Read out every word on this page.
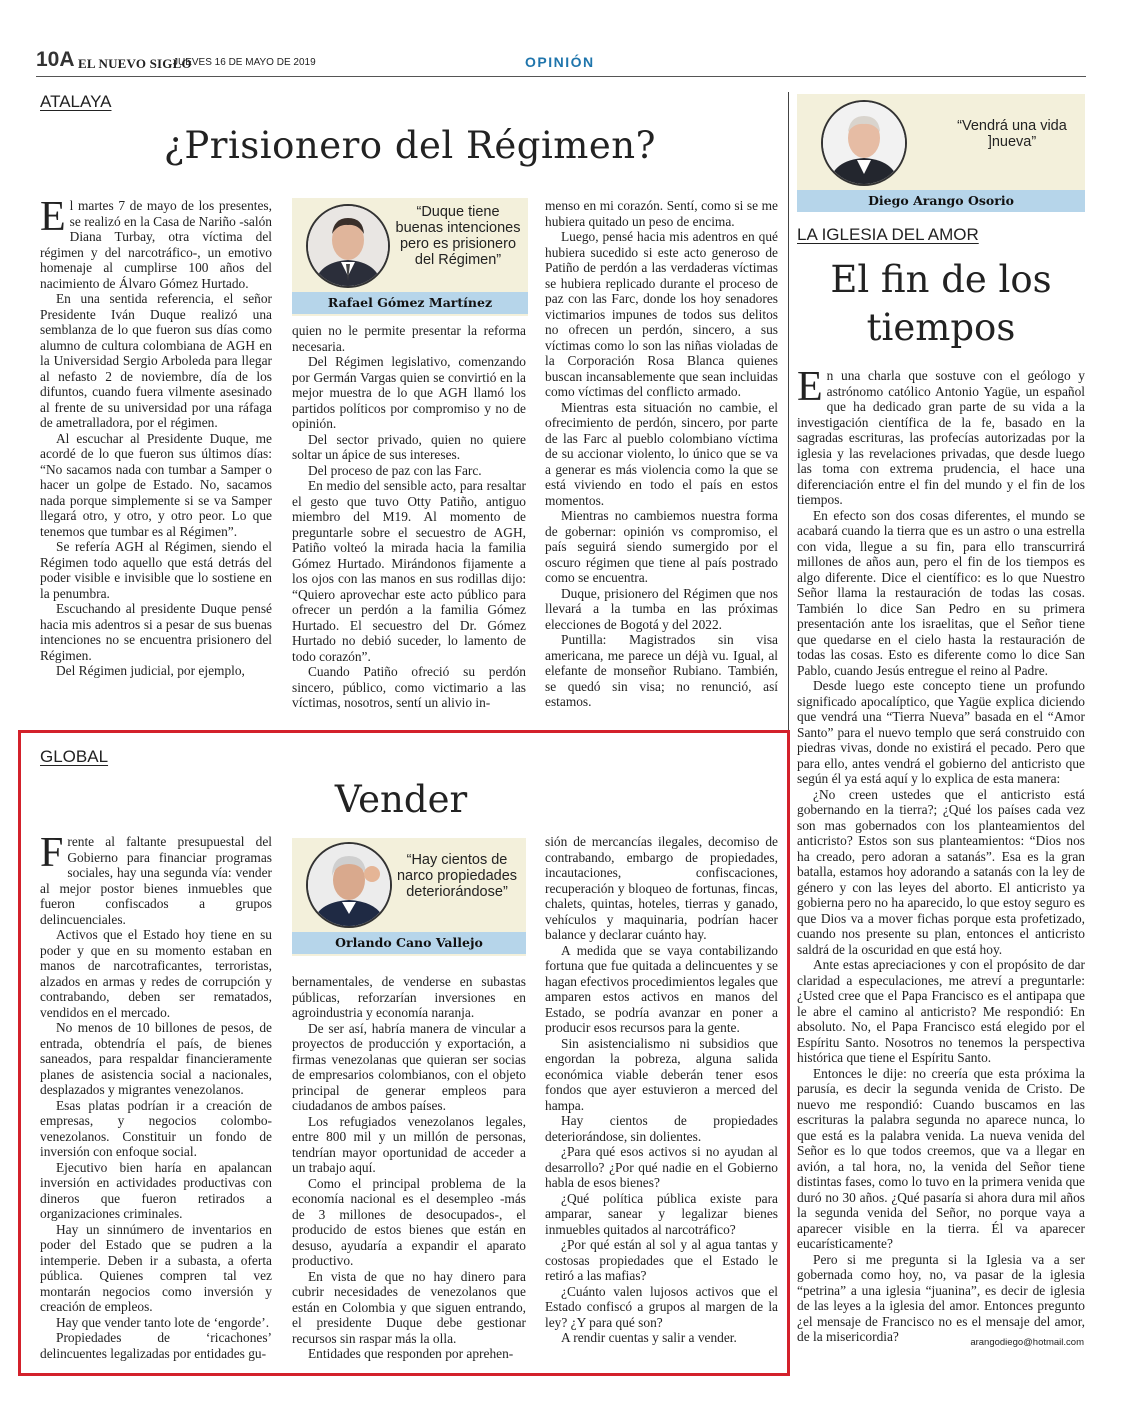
10A EL NUEVO SIGLO
JUEVES 16 DE MAYO DE 2019	OPINIÓN
ATALAYA
¿Prisionero del Régimen?

El martes 7 de mayo de los presentes, se realizó en la Casa de Nariño -salón Diana Turbay, otra víctima del régimen y del narcotráfico-, un emotivo homenaje al cumplirse 100 años del nacimiento de Álvaro Gómez Hurtado.

En una sentida referencia, el señor Presidente Iván Duque realizó una semblanza de lo que fueron sus días como alumno de cultura colombiana de AGH en la Universidad Sergio Arboleda para llegar al nefasto 2 de noviembre, día de los difuntos, cuando fuera vilmente asesinado al frente de su universidad por una ráfaga de ametralladora, por el régimen.

Al escuchar al Presidente Duque, me acordé de lo que fueron sus últimos días: “No sacamos nada con tumbar a Samper o hacer un golpe de Estado. No, sacamos nada porque simplemente si se va Samper llegará otro, y otro, y otro peor. Lo que tenemos que tumbar es al Régimen”.

Se refería AGH al Régimen, siendo el Régimen todo aquello que está detrás del poder visible e invisible que lo sostiene en la penumbra.

Escuchando al presidente Duque pensé hacia mis adentros si a pesar de sus buenas intenciones no se encuentra prisionero del Régimen.

Del Régimen judicial, por ejemplo,

“Duque tiene buenas intenciones pero es prisionero del Régimen”
Rafael Gómez Martínez

quien no le permite presentar la reforma necesaria.

Del Régimen legislativo, comenzando por Germán Vargas quien se convirtió en la mejor muestra de lo que AGH llamó los partidos políticos por compromiso y no de opinión.

Del sector privado, quien no quiere soltar un ápice de sus intereses.

Del proceso de paz con las Farc.

En medio del sensible acto, para resaltar el gesto que tuvo Otty Patiño, antiguo miembro del M19. Al momento de preguntarle sobre el secuestro de AGH, Patiño volteó la mirada hacia la familia Gómez Hurtado. Mirándonos fijamente a los ojos con las manos en sus rodillas dijo: “Quiero aprovechar este acto público para ofrecer un perdón a la familia Gómez Hurtado. El secuestro del Dr. Gómez Hurtado no debió suceder, lo lamento de todo corazón”.

Cuando Patiño ofreció su perdón sincero, público, como victimario a las víctimas, nosotros, sentí un alivio in-

menso en mi corazón. Sentí, como si se me hubiera quitado un peso de encima.

Luego, pensé hacia mis adentros en qué hubiera sucedido si este acto generoso de Patiño de perdón a las verdaderas víctimas se hubiera replicado durante el proceso de paz con las Farc, donde los hoy senadores victimarios impunes de todos sus delitos no ofrecen un perdón, sincero, a sus víctimas como lo son las niñas violadas de la Corporación Rosa Blanca quienes buscan incansablemente que sean incluidas como víctimas del conflicto armado.

Mientras esta situación no cambie, el ofrecimiento de perdón, sincero, por parte de las Farc al pueblo colombiano víctima de su accionar violento, lo único que se va a generar es más violencia como la que se está viviendo en todo el país en estos momentos.

Mientras no cambiemos nuestra forma de gobernar: opinión vs compromiso, el país seguirá siendo sumergido por el oscuro régimen que tiene al país postrado como se encuentra.

Duque, prisionero del Régimen que nos llevará a la tumba en las próximas elecciones de Bogotá y del 2022.

Puntilla: Magistrados sin visa americana, me parece un déjà vu. Igual, al elefante de monseñor Rubiano. También, se quedó sin visa; no renunció, así estamos.

“Vendrá una vida ]nueva”
Diego Arango Osorio
LA IGLESIA DEL AMOR
El fin de los
tiempos

En una charla que sostuve con el geólogo y astrónomo católico Antonio Yagüe, un español que ha dedicado gran parte de su vida a la investigación científica de la fe, basado en la sagradas escrituras, las profecías autorizadas por la iglesia y las revelaciones privadas, que desde luego las toma con extrema prudencia, el hace una diferenciación entre el fin del mundo y el fin de los tiempos.

En efecto son dos cosas diferentes, el mundo se acabará cuando la tierra que es un astro o una estrella con vida, llegue a su fin, para ello transcurrirá millones de años aun, pero el fin de los tiempos es algo diferente. Dice el científico: es lo que Nuestro Señor llama la restauración de todas las cosas. También lo dice San Pedro en su primera presentación ante los israelitas, que el Señor tiene que quedarse en el cielo hasta la restauración de todas las cosas. Esto es diferente como lo dice San Pablo, cuando Jesús entregue el reino al Padre.

Desde luego este concepto tiene un profundo significado apocalíptico, que Yagüe explica diciendo que vendrá una “Tierra Nueva” basada en el “Amor Santo” para el nuevo templo que será construido con piedras vivas, donde no existirá el pecado. Pero que para ello, antes vendrá el gobierno del anticristo que según él ya está aquí y lo explica de esta manera:

¿No creen ustedes que el anticristo está gobernando en la tierra?; ¿Qué los países cada vez son mas gobernados con los planteamientos del anticristo? Estos son sus planteamientos: “Dios nos ha creado, pero adoran a satanás”. Esa es la gran batalla, estamos hoy adorando a satanás con la ley de género y con las leyes del aborto. El anticristo ya gobierna pero no ha aparecido, lo que estoy seguro es que Dios va a mover fichas porque esta profetizado, cuando nos presente su plan, entonces el anticristo saldrá de la oscuridad en que está hoy.

Ante estas apreciaciones y con el propósito de dar claridad a especulaciones, me atreví a preguntarle: ¿Usted cree que el Papa Francisco es el antipapa que le abre el camino al anticristo? Me respondió: En absoluto. No, el Papa Francisco está elegido por el Espíritu Santo. Nosotros no tenemos la perspectiva histórica que tiene el Espíritu Santo.

Entonces le dije: no creería que esta próxima la parusía, es decir la segunda venida de Cristo. De nuevo me respondió: Cuando buscamos en las escrituras la palabra segunda no aparece nunca, lo que está es la palabra venida. La nueva venida del Señor es lo que todos creemos, que va a llegar en avión, a tal hora, no, la venida del Señor tiene distintas fases, como lo tuvo en la primera venida que duró no 30 años. ¿Qué pasaría si ahora dura mil años la segunda venida del Señor, no porque vaya a aparecer visible en la tierra. Él va aparecer eucarísticamente?

Pero si me pregunta si la Iglesia va a ser gobernada como hoy, no, va pasar de la iglesia “petrina” a una iglesia “juanina”, es decir de iglesia de las leyes a la iglesia del amor. Entonces pregunto ¿el mensaje de Francisco no es el mensaje del amor, de la misericordia?	arangodiego@hotmail.com
GLOBAL
Vender

Frente al faltante presupuestal del Gobierno para financiar programas sociales, hay una segunda vía: vender al mejor postor bienes inmuebles que fueron confiscados a grupos delincuenciales.

Activos que el Estado hoy tiene en su poder y que en su momento estaban en manos de narcotraficantes, terroristas, alzados en armas y redes de corrupción y contrabando, deben ser rematados, vendidos en el mercado.

No menos de 10 billones de pesos, de entrada, obtendría el país, de bienes saneados, para respaldar financieramente planes de asistencia social a nacionales, desplazados y migrantes venezolanos.

Esas platas podrían ir a creación de empresas, y negocios colombo-venezolanos. Constituir un fondo de inversión con enfoque social.

Ejecutivo bien haría en apalancan inversión en actividades productivas con dineros que fueron retirados a organizaciones criminales.

Hay un sinnúmero de inventarios en poder del Estado que se pudren a la intemperie. Deben ir a subasta, a oferta pública. Quienes compren tal vez montarán negocios como inversión y creación de empleos.

Hay que vender tanto lote de ‘engorde’.

Propiedades de ‘ricachones’ delincuentes legalizadas por entidades gu-

“Hay cientos de narco propiedades deteriorándose”
Orlando Cano Vallejo

bernamentales, de venderse en subastas públicas, reforzarían inversiones en agroindustria y economía naranja.

De ser así, habría manera de vincular a proyectos de producción y exportación, a firmas venezolanas que quieran ser socias de empresarios colombianos, con el objeto principal de generar empleos para ciudadanos de ambos países.

Los refugiados venezolanos legales, entre 800 mil y un millón de personas, tendrían mayor oportunidad de acceder a un trabajo aquí.

Como el principal problema de la economía nacional es el desempleo -más de 3 millones de desocupados-, el producido de estos bienes que están en desuso, ayudaría a expandir el aparato productivo.

En vista de que no hay dinero para cubrir necesidades de venezolanos que están en Colombia y que siguen entrando, el presidente Duque debe gestionar recursos sin raspar más la olla.

Entidades que responden por aprehen-

sión de mercancías ilegales, decomiso de contrabando, embargo de propiedades, incautaciones, confiscaciones, recuperación y bloqueo de fortunas, fincas, chalets, quintas, hoteles, tierras y ganado, vehículos y maquinaria, podrían hacer balance y declarar cuánto hay.

A medida que se vaya contabilizando fortuna que fue quitada a delincuentes y se hagan efectivos procedimientos legales que amparen estos activos en manos del Estado, se podría avanzar en poner a producir esos recursos para la gente.

Sin asistencialismo ni subsidios que engordan la pobreza, alguna salida económica viable deberán tener esos fondos que ayer estuvieron a merced del hampa.

Hay cientos de propiedades deteriorándose, sin dolientes.

¿Para qué esos activos si no ayudan al desarrollo? ¿Por qué nadie en el Gobierno habla de esos bienes?

¿Qué política pública existe para amparar, sanear y legalizar bienes inmuebles quitados al narcotráfico?

¿Por qué están al sol y al agua tantas y costosas propiedades que el Estado le retiró a las mafias?

¿Cuánto valen lujosos activos que el Estado confiscó a grupos al margen de la ley? ¿Y para qué son?

A rendir cuentas y salir a vender.
